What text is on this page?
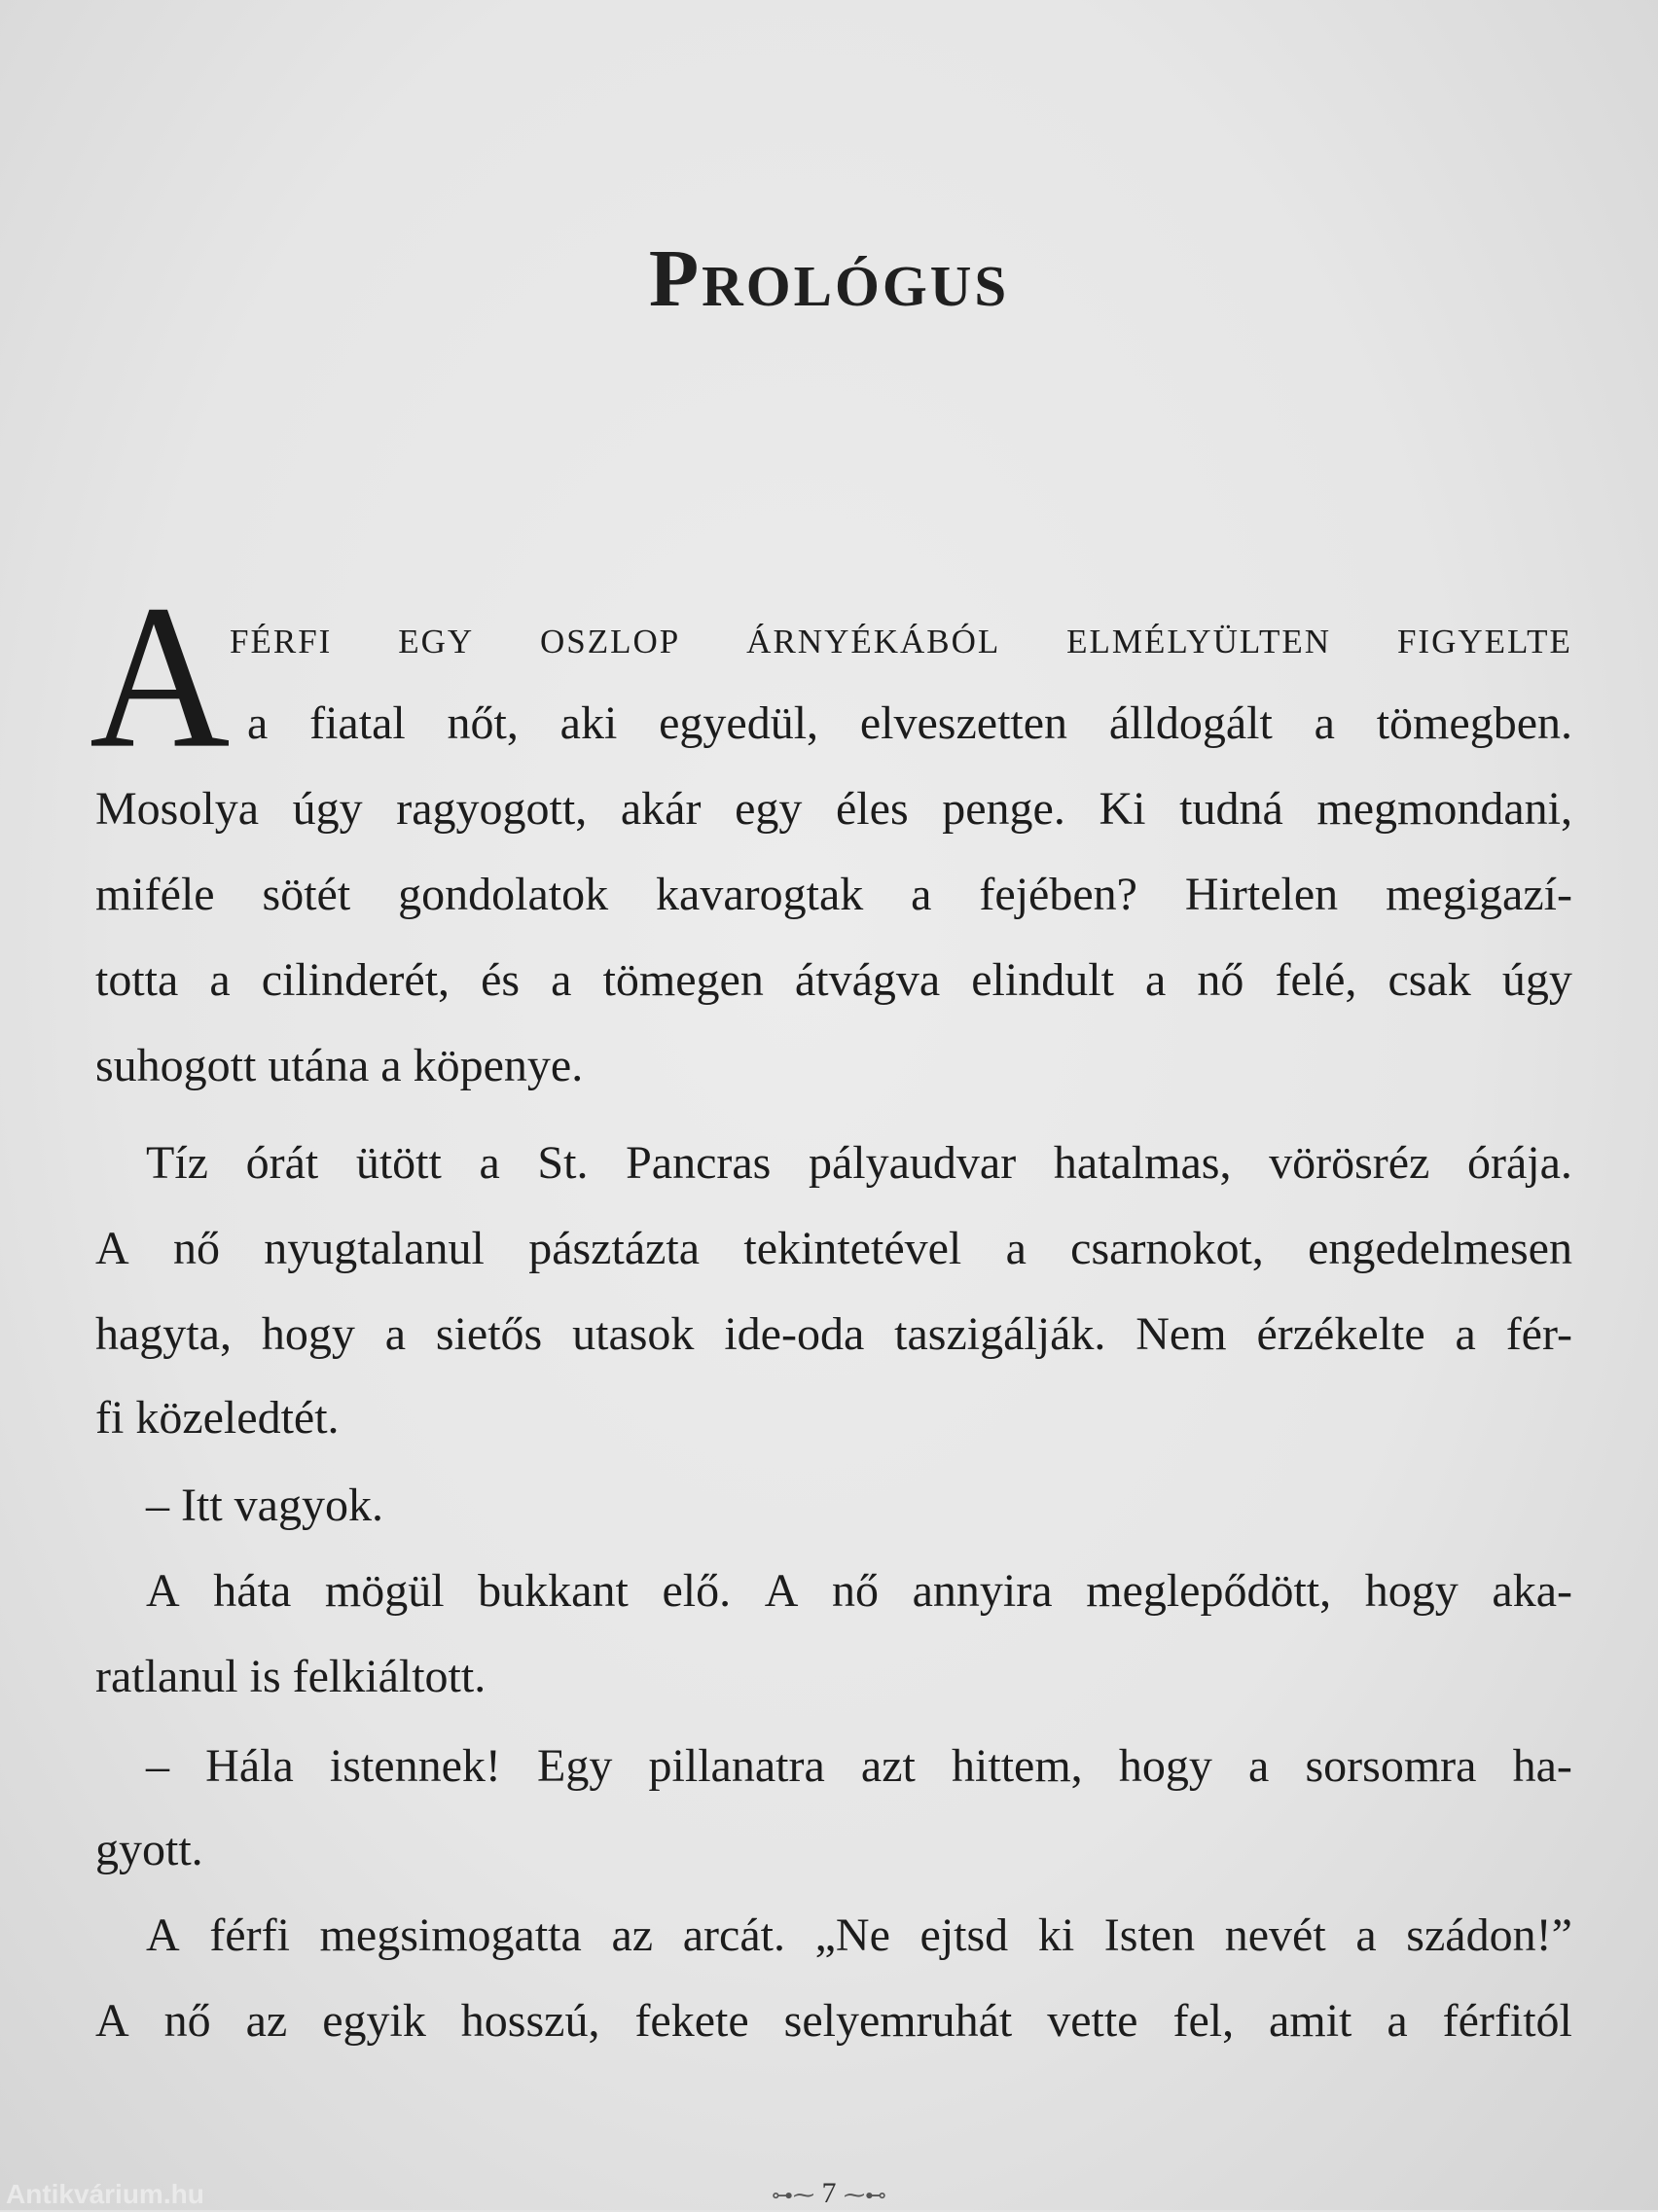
Prológus
A FÉRFI EGY OSZLOP ÁRNYÉKÁBÓL ELMÉLYÜLTEN FIGYELTE
a fiatal nőt, aki egyedül, elveszetten álldogált a tömegben.
Mosolya úgy ragyogott, akár egy éles penge. Ki tudná megmondani,
miféle sötét gondolatok kavarogtak a fejében? Hirtelen megigazí-
totta a cilinderét, és a tömegen átvágva elindult a nő felé, csak úgy
suhogott utána a köpenye.
Tíz órát ütött a St. Pancras pályaudvar hatalmas, vörösréz órája.
A nő nyugtalanul pásztázta tekintetével a csarnokot, engedelmesen
hagyta, hogy a sietős utasok ide-oda taszigálják. Nem érzékelte a fér-
fi közeledtét.
– Itt vagyok.
A háta mögül bukkant elő. A nő annyira meglepődött, hogy aka-
ratlanul is felkiáltott.
– Hála istennek! Egy pillanatra azt hittem, hogy a sorsomra ha-
gyott.
A férfi megsimogatta az arcát. „Ne ejtsd ki Isten nevét a szádon!”
A nő az egyik hosszú, fekete selyemruhát vette fel, amit a férfitól
⊶⁓ 7 ⁓⊷
Antikvárium.hu
